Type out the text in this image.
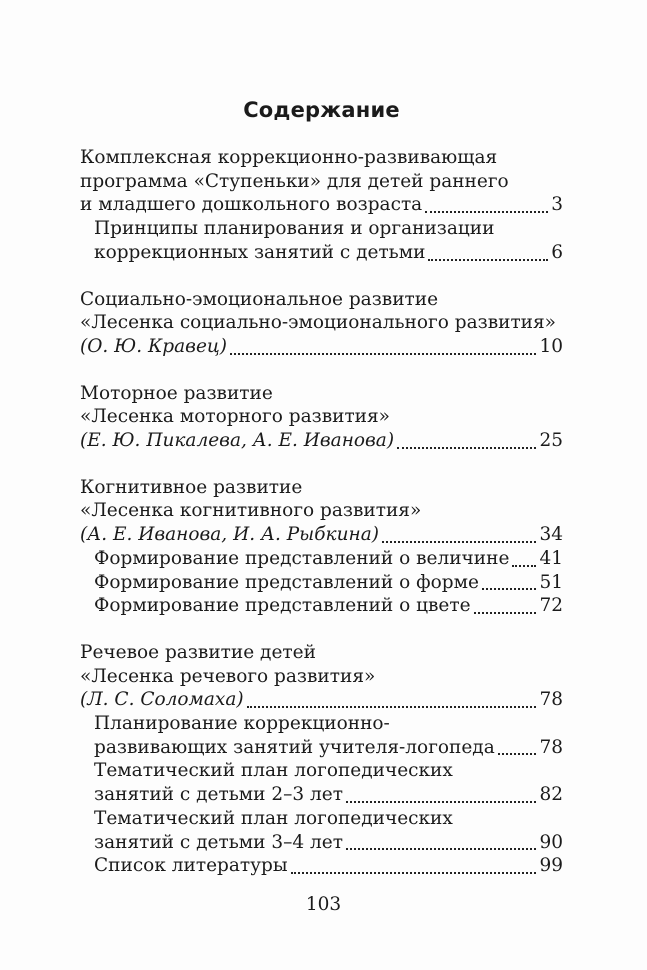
Содержание
Комплексная коррекционно-развивающая
программа «Ступеньки» для детей раннего
и младшего дошкольного возраста	3
Принципы планирования и организации
коррекционных занятий с детьми	6
Социально-эмоциональное развитие
«Лесенка социально-эмоционального развития»
(О. Ю. Кравец)	10
Моторное развитие
«Лесенка моторного развития»
(Е. Ю. Пикалева, А. Е. Иванова)	25
Когнитивное развитие
«Лесенка когнитивного развития»
(А. Е. Иванова, И. А. Рыбкина)	34
Формирование представлений о величине 41
Формирование представлений о форме	51
Формирование представлений о цвете	72
Речевое развитие детей
«Лесенка речевого развития»
(Л. С. Соломаха)	78
Планирование коррекционно-
развивающих занятий учителя-логопеда 78
Тематический план логопедических
занятий с детьми 2–3 лет	82
Тематический план логопедических
занятий с детьми 3–4 лет	90
Список литературы	99
103
